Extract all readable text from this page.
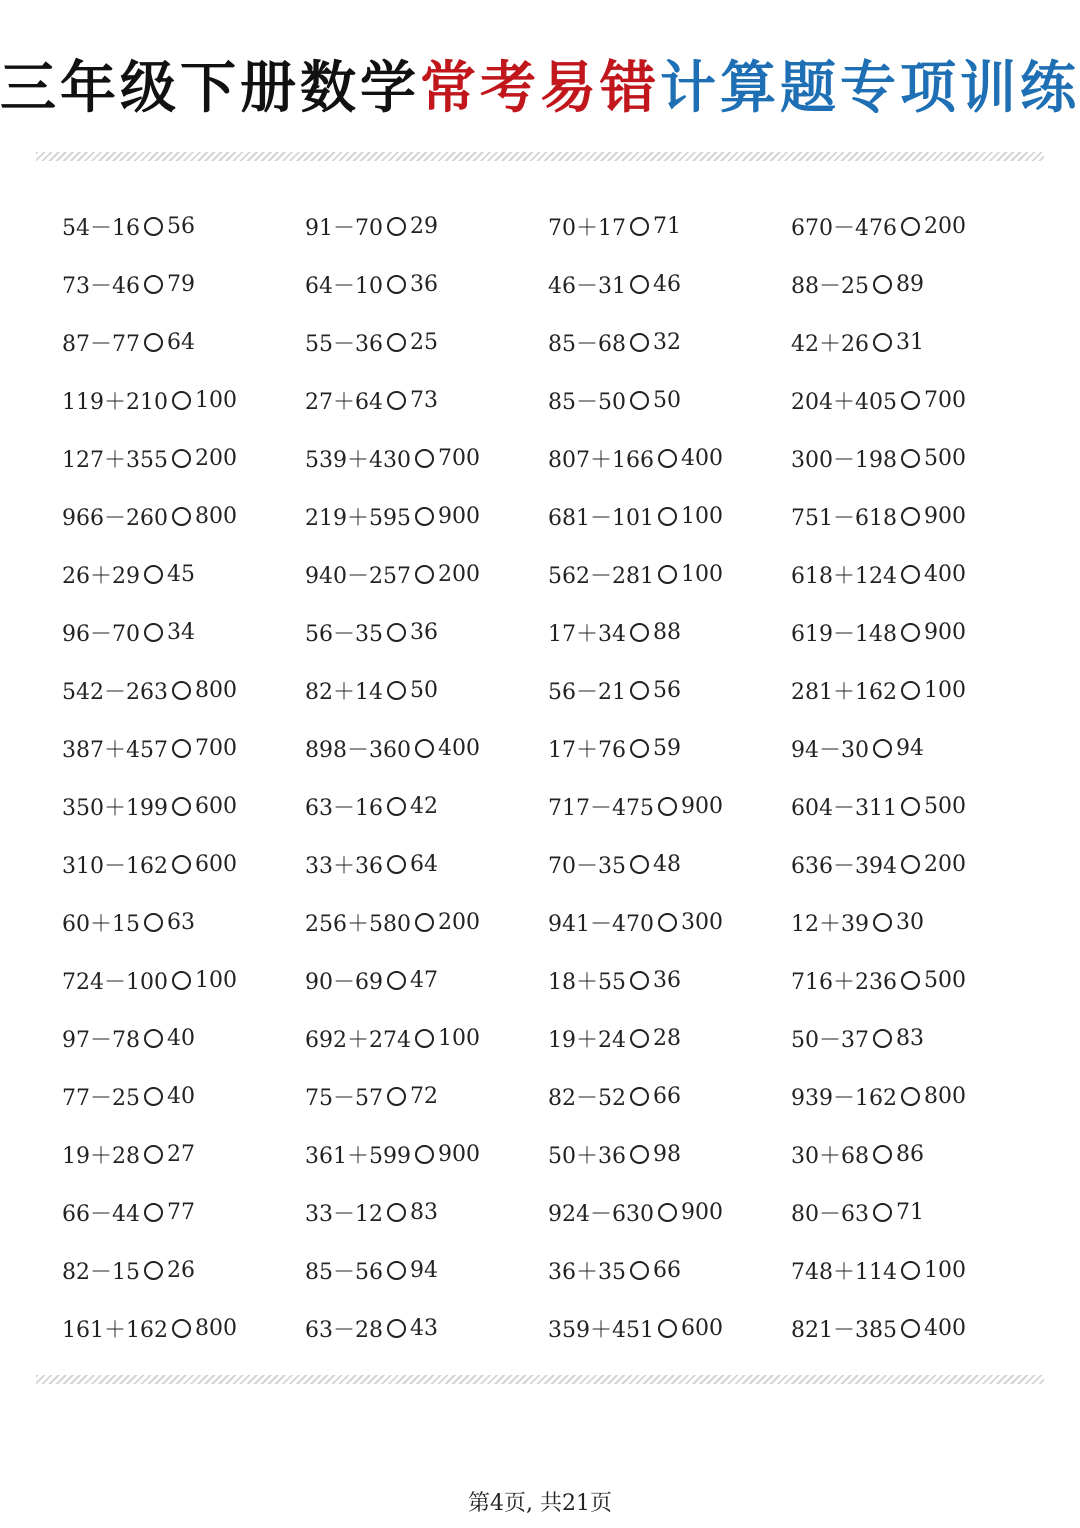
三年级下册数学常考易错计算题专项训练
54－16 56	91－70 29	70＋17 71	670－476 200
73－46 79	64－10 36	46－31 46	88－25 89
87－77 64	55－36 25	85－68 32	42＋26 31
119＋210 100	27＋64 73	85－50 50	204＋405 700
127＋355 200	539＋430 700	807＋166 400	300－198 500
966－260 800	219＋595 900	681－101 100	751－618 900
26＋29 45	940－257 200	562－281 100	618＋124 400
96－70 34	56－35 36	17＋34 88	619－148 900
542－263 800	82＋14 50	56－21 56	281＋162 100
387＋457 700	898－360 400	17＋76 59	94－30 94
350＋199 600	63－16 42	717－475 900	604－311 500
310－162 600	33＋36 64	70－35 48	636－394 200
60＋15 63	256＋580 200	941－470 300	12＋39 30
724－100 100	90－69 47	18＋55 36	716＋236 500
97－78 40	692＋274 100	19＋24 28	50－37 83
77－25 40	75－57 72	82－52 66	939－162 800
19＋28 27	361＋599 900	50＋36 98	30＋68 86
66－44 77	33－12 83	924－630 900	80－63 71
82－15 26	85－56 94	36＋35 66	748＋114 100
161＋162 800	63－28 43	359＋451 600	821－385 400
第4页, 共21页
